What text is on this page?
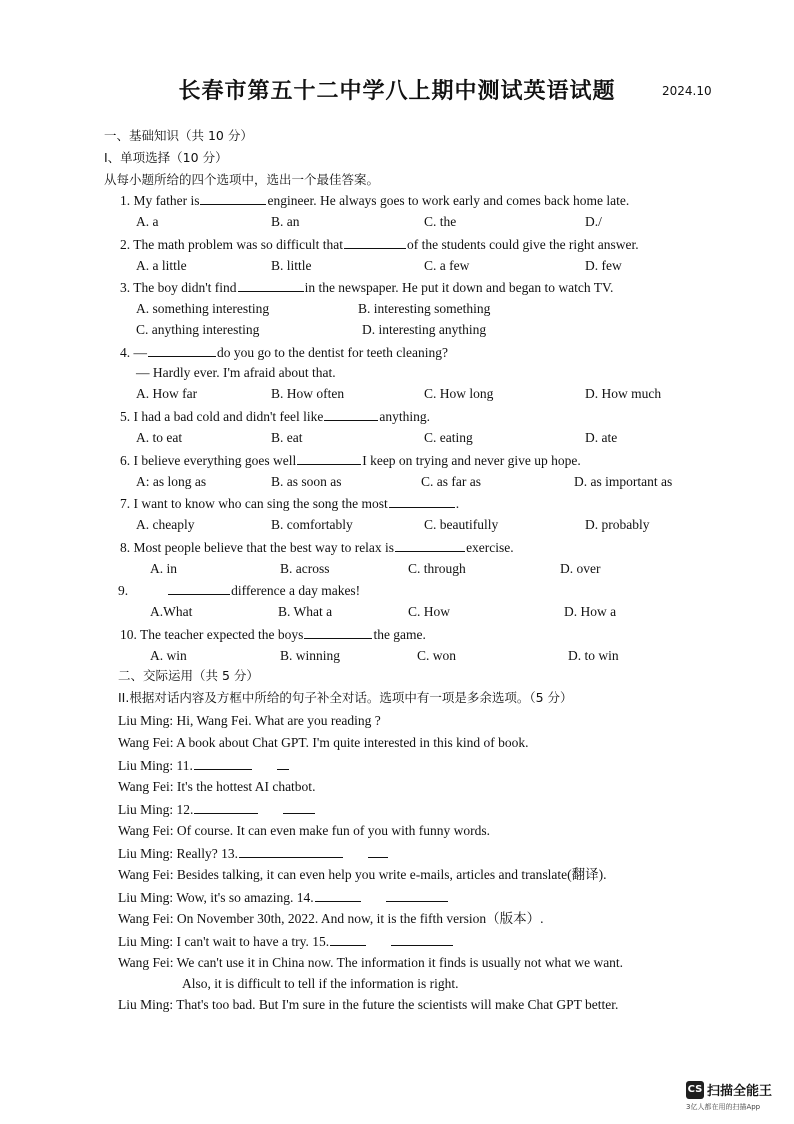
长春市第五十二中学八上期中测试英语试题	2024.10
一、基础知识（共 10 分）
I、单项选择（10 分）
从每小题所给的四个选项中，选出一个最佳答案。
1. My father is	engineer. He always goes to work early and comes back home late.
A. a	B. an	C. the	D./
2. The math problem was so difficult that	of the students could give the right answer.
A. a little	B. little	C. a few	D. few
3. The boy didn't find	in the newspaper. He put it down and began to watch TV.
A. something interesting	B. interesting something
C. anything interesting	D. interesting anything
4. —	do you go to the dentist for teeth cleaning?
— Hardly ever. I'm afraid about that.
A. How far	B. How often	C. How long	D. How much
5. I had a bad cold and didn't feel like	anything.
A. to eat	B. eat	C. eating	D. ate
6. I believe everything goes well	I keep on trying and never give up hope.
A: as long as	B. as soon as	C. as far as	D. as important as
7. I want to know who can sing the song the most	.
A. cheaply	B. comfortably	C. beautifully	D. probably
8. Most people believe that the best way to relax is	exercise.
A. in	B. across	C. through	D. over
9.	difference a day makes!
A.What	B. What a	C. How	D. How a
10. The teacher expected the boys	the game.
A. win	B. winning	C. won	D. to win
二、交际运用（共 5 分）
II.根据对话内容及方框中所给的句子补全对话。选项中有一项是多余选项。（5 分）
Liu Ming: Hi, Wang Fei. What are you reading ?
Wang Fei: A book about Chat GPT. I'm quite interested in this kind of book.
Liu Ming: 11.
Wang Fei: It's the hottest AI chatbot.
Liu Ming: 12.
Wang Fei: Of course. It can even make fun of you with funny words.
Liu Ming: Really? 13.
Wang Fei: Besides talking, it can even help you write e-mails, articles and translate(翻译).
Liu Ming: Wow, it's so amazing. 14.
Wang Fei: On November 30th, 2022. And now, it is the fifth version（版本）.
Liu Ming: I can't wait to have a try. 15.
Wang Fei: We can't use it in China now. The information it finds is usually not what we want.
Also, it is difficult to tell if the information is right.
Liu Ming: That's too bad. But I'm sure in the future the scientists will make Chat GPT better.
CS 扫描全能王
3亿人都在用的扫描App
